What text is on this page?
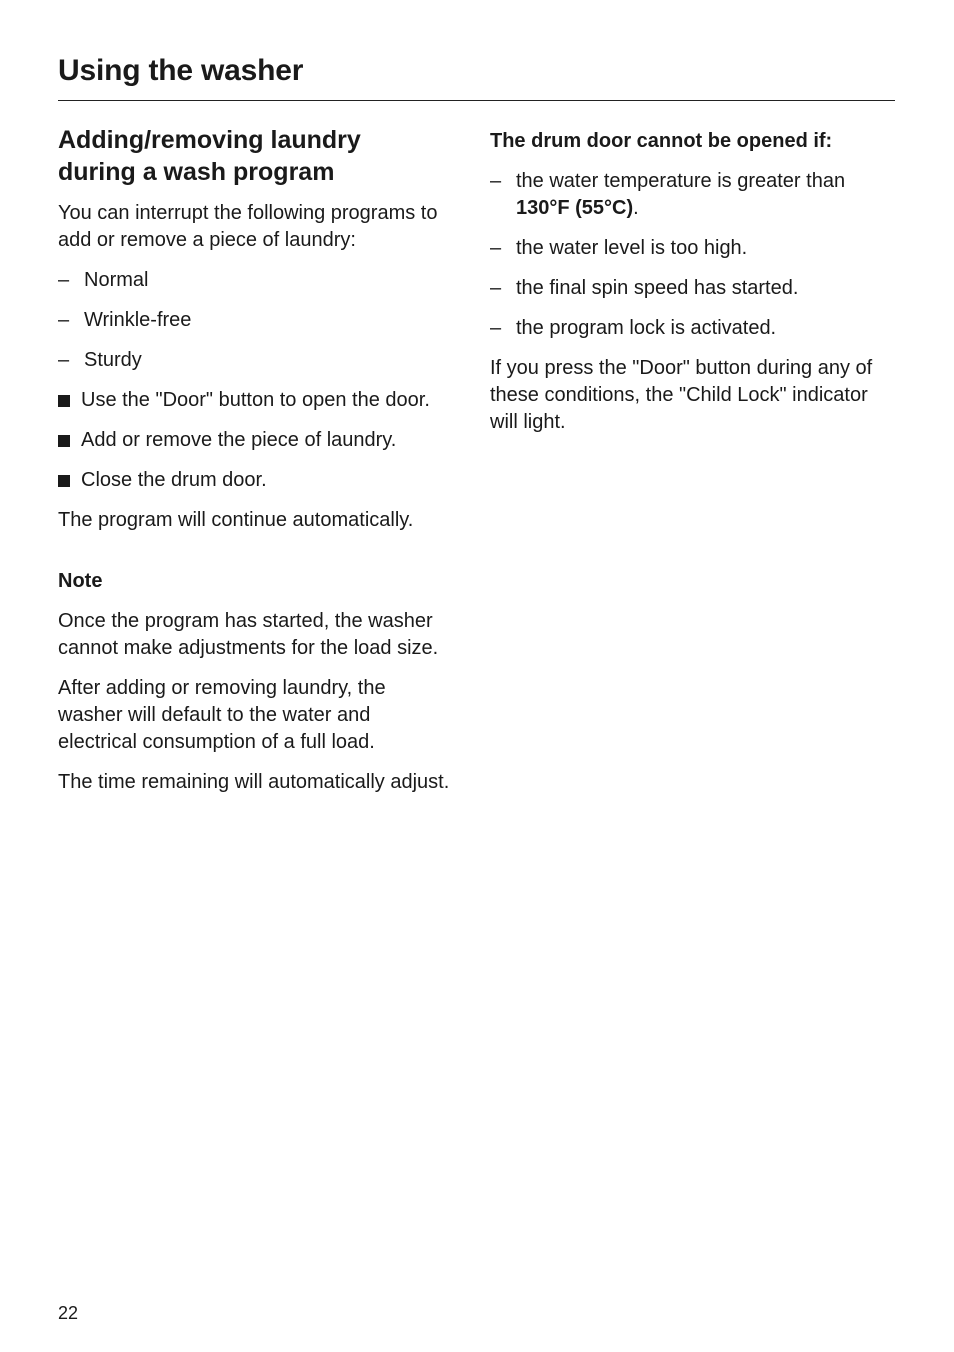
Using the washer
Adding/removing laundry
during a wash program

You can interrupt the following programs to add or remove a piece of laundry:

– Normal
– Wrinkle-free
– Sturdy
Use the "Door" button to open the door.
Add or remove the piece of laundry.
Close the drum door.

The program will continue automatically.

Note

Once the program has started, the washer cannot make adjustments for the load size.

After adding or removing laundry, the washer will default to the water and electrical consumption of a full load.

The time remaining will automatically adjust.

The drum door cannot be opened if:
– the water temperature is greater than 130°F (55°C).
– the water level is too high.
– the final spin speed has started.
– the program lock is activated.

If you press the "Door" button during any of these conditions, the "Child Lock" indicator will light.

22
